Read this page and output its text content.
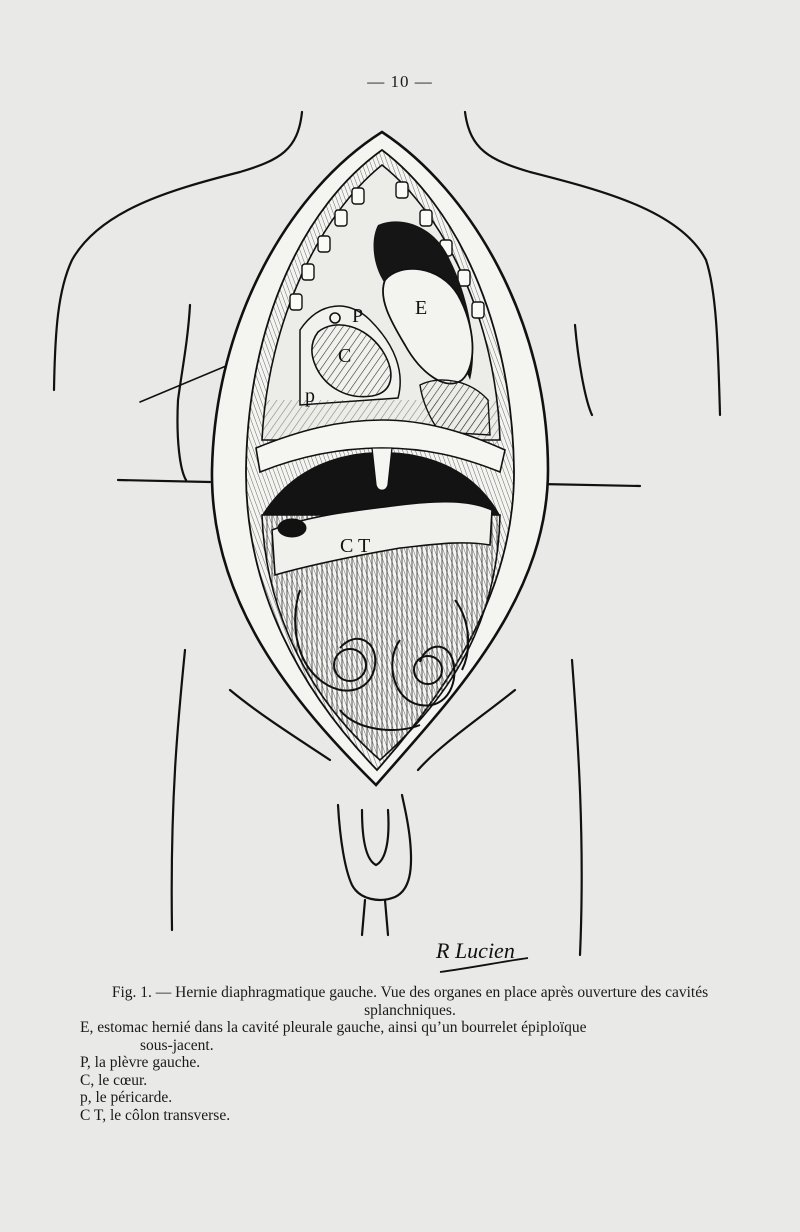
— 10 —
E
P
C
p
C T
R Lucien
Fig. 1. — Hernie diaphragmatique gauche. Vue des organes en place après ouverture des cavités splanchniques.
E, estomac hernié dans la cavité pleurale gauche, ainsi qu’un bourrelet épiploïque
sous-jacent.
P, la plèvre gauche.
C, le cœur.
p, le péricarde.
C T, le côlon transverse.
